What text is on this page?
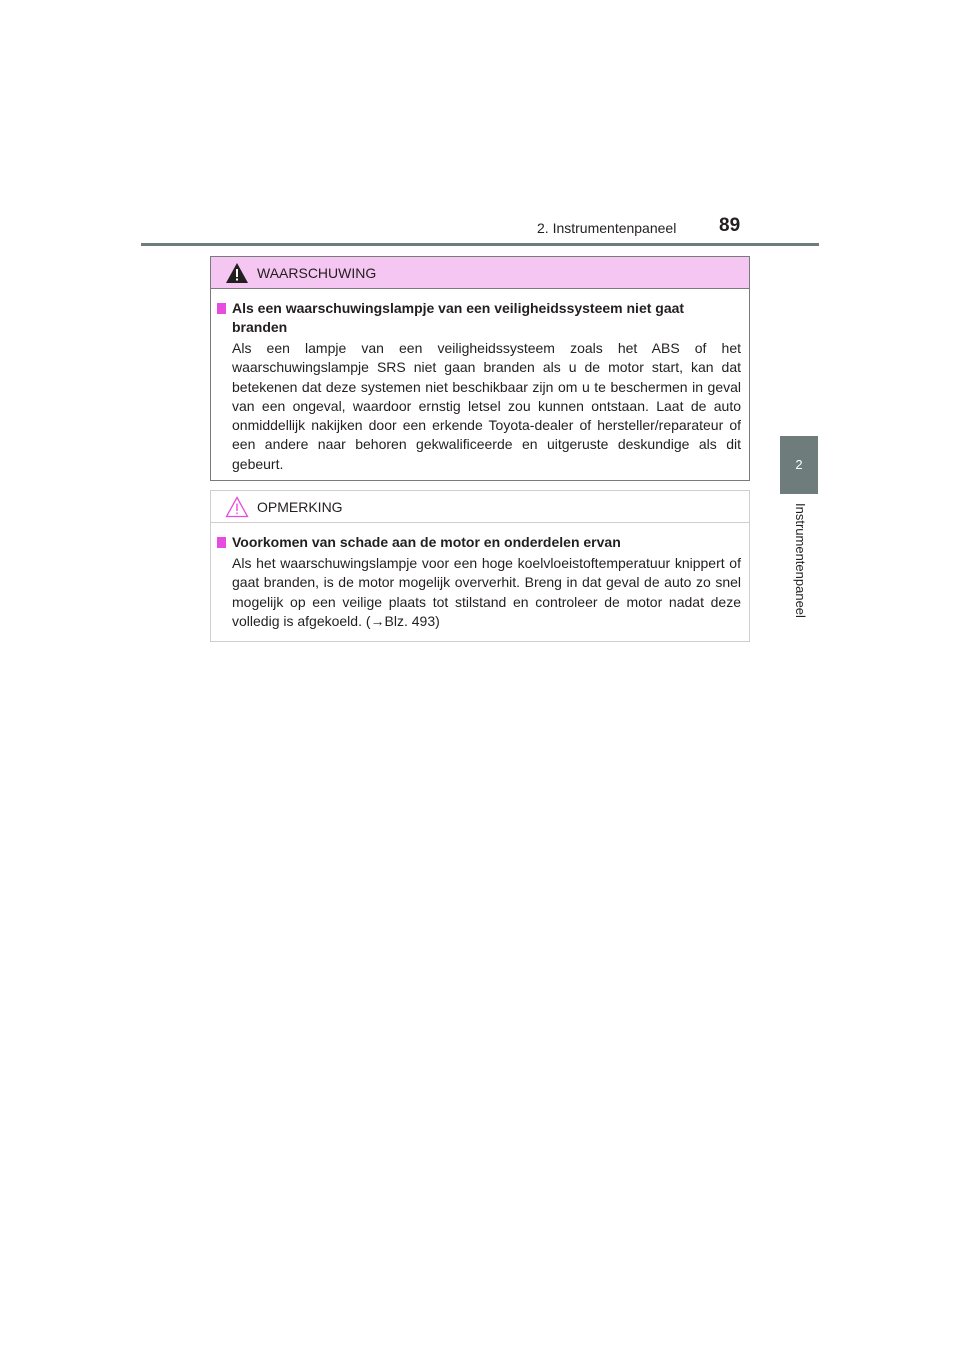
2. Instrumentenpaneel 89
2
Instrumentenpaneel
WAARSCHUWING
Als een waarschuwingslampje van een veiligheidssysteem niet gaat branden
Als een lampje van een veiligheidssysteem zoals het ABS of het waarschuwingslampje SRS niet gaan branden als u de motor start, kan dat betekenen dat deze systemen niet beschikbaar zijn om u te beschermen in geval van een ongeval, waardoor ernstig letsel zou kunnen ontstaan. Laat de auto onmiddellijk nakijken door een erkende Toyota-dealer of hersteller/reparateur of een andere naar behoren gekwalificeerde en uitgeruste deskundige als dit gebeurt.
OPMERKING
Voorkomen van schade aan de motor en onderdelen ervan
Als het waarschuwingslampje voor een hoge koelvloeistoftemperatuur knippert of gaat branden, is de motor mogelijk oververhit. Breng in dat geval de auto zo snel mogelijk op een veilige plaats tot stilstand en controleer de motor nadat deze volledig is afgekoeld. (→Blz. 493)
